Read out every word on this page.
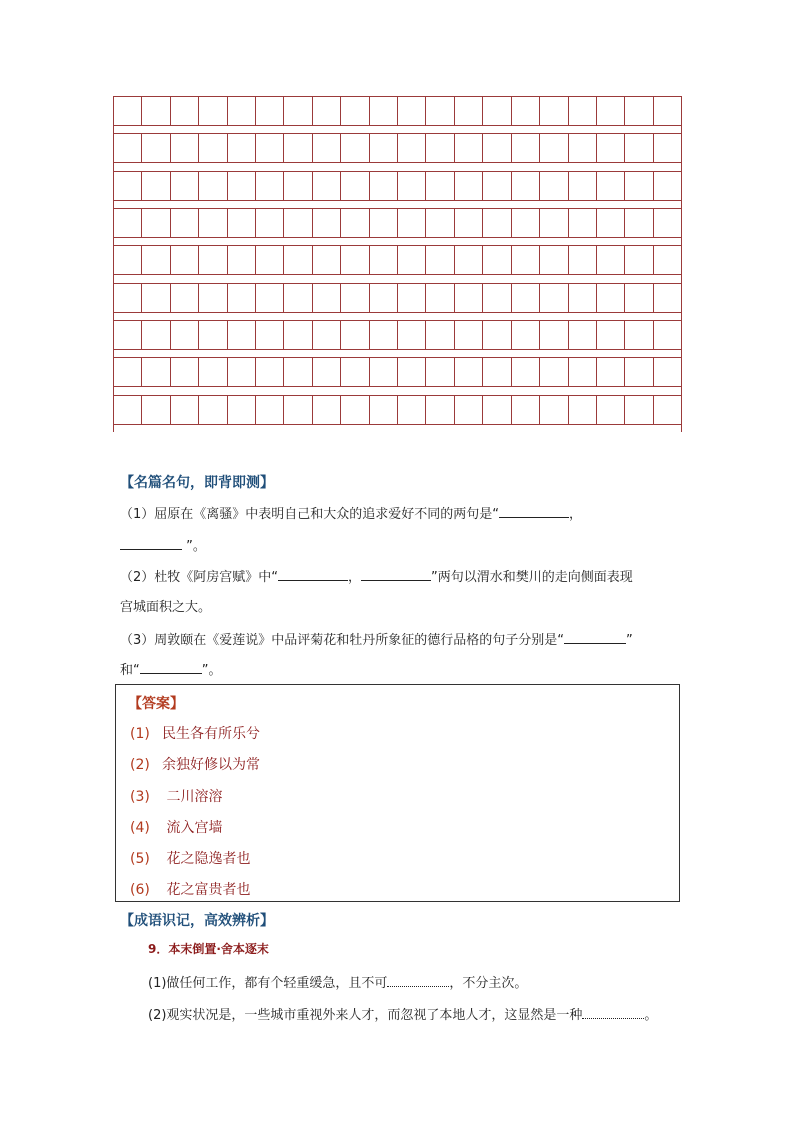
【名篇名句，即背即测】
（1）屈原在《离骚》中表明自己和大众的追求爱好不同的两句是“	，
”。
（2）杜牧《阿房宫赋》中“	，	”两句以渭水和樊川的走向侧面表现
宫城面积之大。
（3）周敦颐在《爱莲说》中品评菊花和牡丹所象征的德行品格的句子分别是“	”
和“	”。
【答案】
(1) 民生各有所乐兮
(2) 余独好修以为常
(3) 二川溶溶
(4) 流入宫墙
(5) 花之隐逸者也
(6) 花之富贵者也
【成语识记，高效辨析】
9．本末倒置·舍本逐末
(1)做任何工作，都有个轻重缓急，且不可	，不分主次。
(2)观实状况是，一些城市重视外来人才，而忽视了本地人才，这显然是一种	。
